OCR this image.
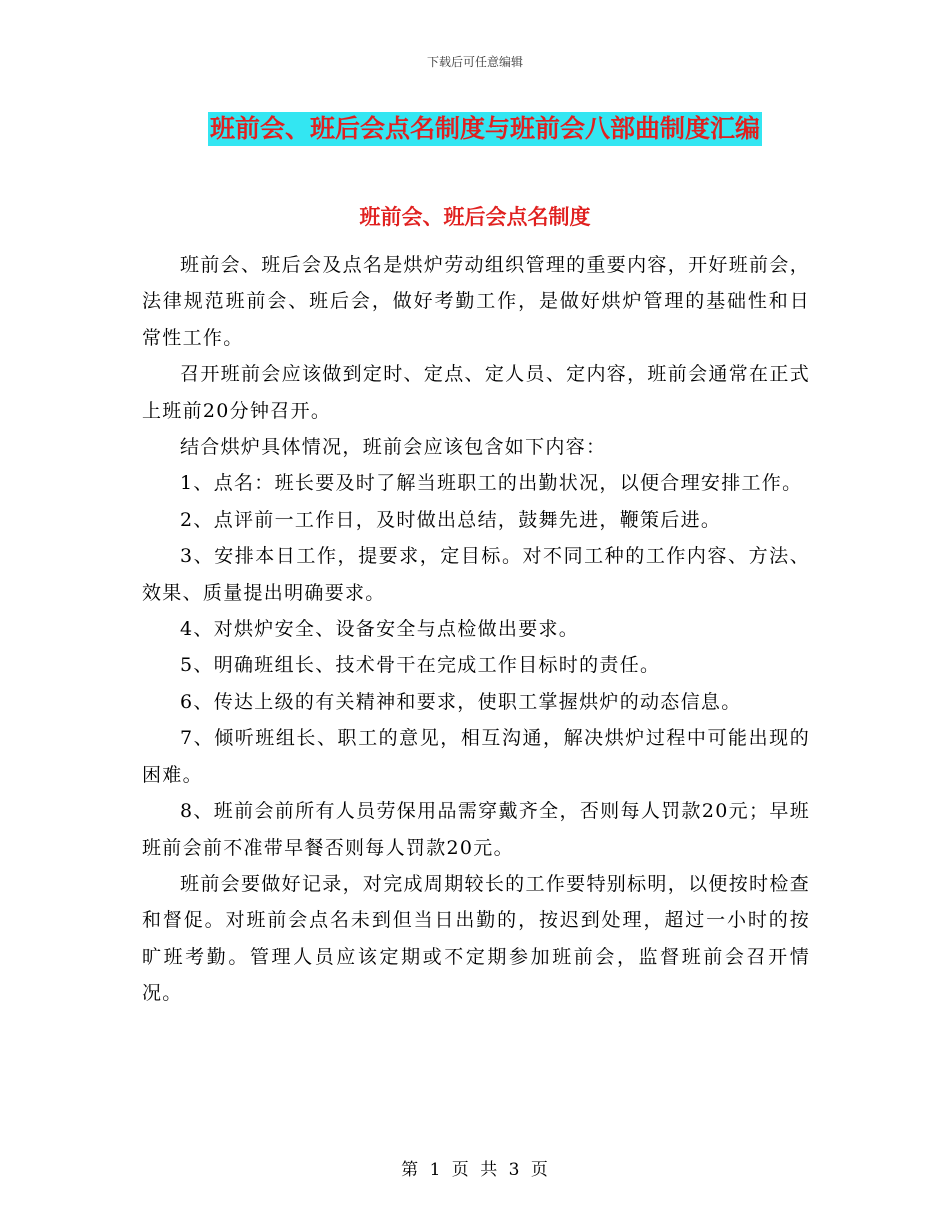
下载后可任意编辑
班前会、班后会点名制度与班前会八部曲制度汇编
班前会、班后会点名制度

班前会、班后会及点名是烘炉劳动组织管理的重要内容，开好班前会，法律规范班前会、班后会，做好考勤工作，是做好烘炉管理的基础性和日常性工作。

召开班前会应该做到定时、定点、定人员、定内容，班前会通常在正式上班前20分钟召开。

结合烘炉具体情况，班前会应该包含如下内容：

1、点名：班长要及时了解当班职工的出勤状况，以便合理安排工作。

2、点评前一工作日，及时做出总结，鼓舞先进，鞭策后进。

3、安排本日工作，提要求，定目标。对不同工种的工作内容、方法、效果、质量提出明确要求。

4、对烘炉安全、设备安全与点检做出要求。

5、明确班组长、技术骨干在完成工作目标时的责任。

6、传达上级的有关精神和要求，使职工掌握烘炉的动态信息。

7、倾听班组长、职工的意见，相互沟通，解决烘炉过程中可能出现的困难。

8、班前会前所有人员劳保用品需穿戴齐全，否则每人罚款20元；早班班前会前不准带早餐否则每人罚款20元。

班前会要做好记录，对完成周期较长的工作要特别标明，以便按时检查和督促。对班前会点名未到但当日出勤的，按迟到处理，超过一小时的按旷班考勤。管理人员应该定期或不定期参加班前会，监督班前会召开情况。

第 1 页 共 3 页
